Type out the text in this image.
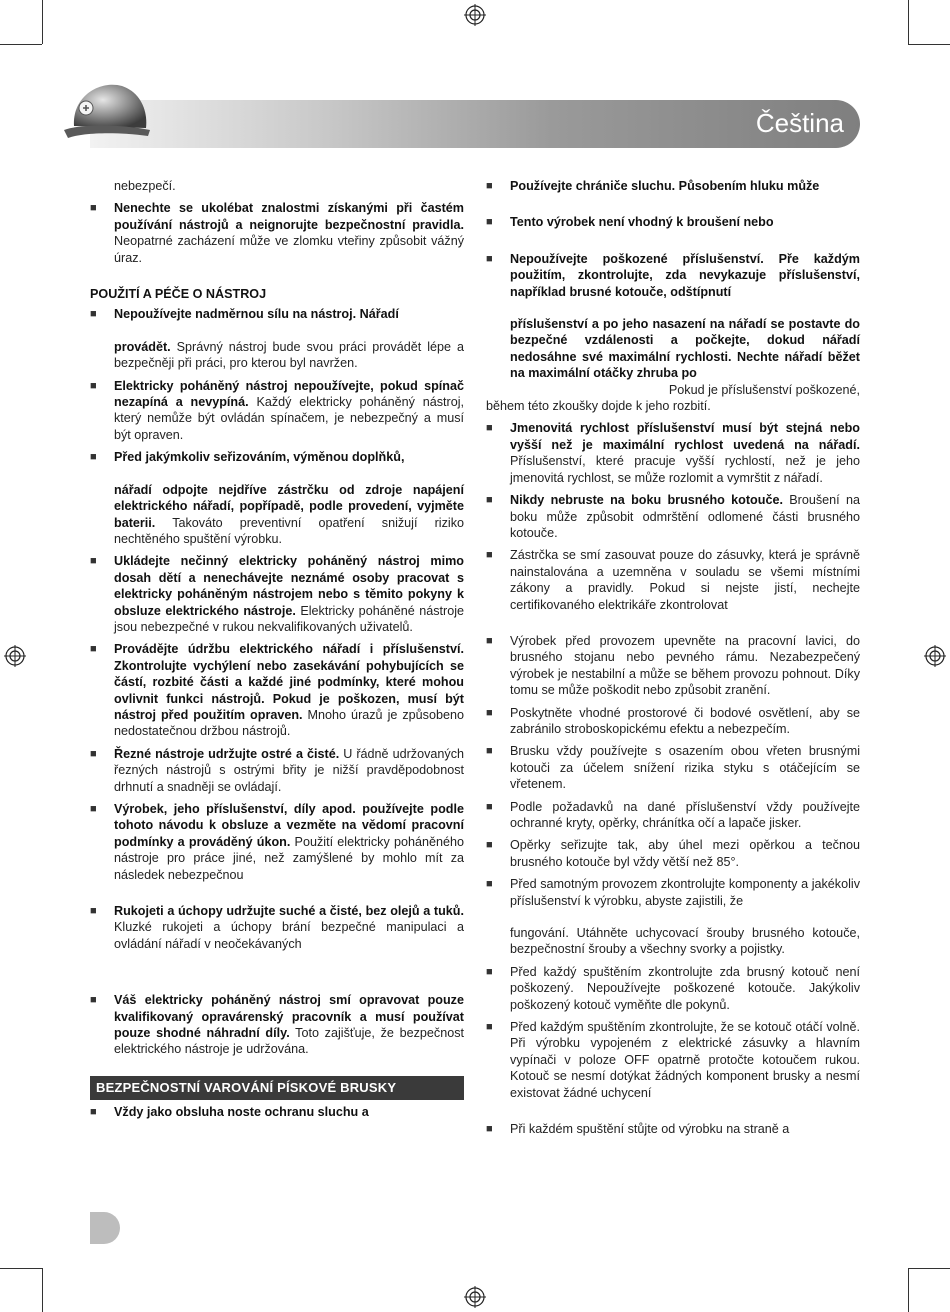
Čeština
nebezpečí.
■ Nenechte se ukolébat znalostmi získanými při častém používání nástrojů a neignorujte bezpečnostní pravidla. Neopatrné zacházení může ve zlomku vteřiny způsobit vážný úraz.
POUŽITÍ A PÉČE O NÁSTROJ
■ Nepoužívejte nadměrnou sílu na nástroj. Nářadí
provádět. Správný nástroj bude svou práci provádět lépe a bezpečněji při práci, pro kterou byl navržen.
■ Elektricky poháněný nástroj nepoužívejte, pokud spínač nezapíná a nevypíná. Každý elektricky poháněný nástroj, který nemůže být ovládán spínačem, je nebezpečný a musí být opraven.
■ Před jakýmkoliv seřizováním, výměnou doplňků,
nářadí odpojte nejdříve zástrčku od zdroje napájení elektrického nářadí, popřípadě, podle provedení, vyjměte baterii. Takováto preventivní opatření snižují riziko nechtěného spuštění výrobku.
■ Ukládejte nečinný elektricky poháněný nástroj mimo dosah dětí a nenechávejte neznámé osoby pracovat s elektricky poháněným nástrojem nebo s těmito pokyny k obsluze elektrického nástroje. Elektricky poháněné nástroje jsou nebezpečné v rukou nekvalifikovaných uživatelů.
■ Provádějte údržbu elektrického nářadí i příslušenství. Zkontrolujte vychýlení nebo zasekávání pohybujících se částí, rozbité části a každé jiné podmínky, které mohou ovlivnit funkci nástrojů. Pokud je poškozen, musí být nástroj před použitím opraven. Mnoho úrazů je způsobeno nedostatečnou držbou nástrojů.
■ Řezné nástroje udržujte ostré a čisté. U řádně udržovaných řezných nástrojů s ostrými břity je nižší pravděpodobnost drhnutí a snadněji se ovládají.
■ Výrobek, jeho příslušenství, díly apod. používejte podle tohoto návodu k obsluze a vezměte na vědomí pracovní podmínky a prováděný úkon. Použití elektricky poháněného nástroje pro práce jiné, než zamýšlené by mohlo mít za následek nebezpečnou
■ Rukojeti a úchopy udržujte suché a čisté, bez olejů a tuků. Kluzké rukojeti a úchopy brání bezpečné manipulaci a ovládání nářadí v neočekávaných
■ Váš elektricky poháněný nástroj smí opravovat pouze kvalifikovaný opravárenský pracovník a musí používat pouze shodné náhradní díly. Toto zajišťuje, že bezpečnost elektrického nástroje je udržována.
BEZPEČNOSTNÍ VAROVÁNÍ PÍSKOVÉ BRUSKY
■ Vždy jako obsluha noste ochranu sluchu a
■ Používejte chrániče sluchu. Působením hluku může
■ Tento výrobek není vhodný k broušení nebo
■ Nepoužívejte poškozené příslušenství. Pře každým použitím, zkontrolujte, zda nevykazuje příslušenství, například brusné kotouče, odštípnutí
příslušenství a po jeho nasazení na nářadí se postavte do bezpečné vzdálenosti a počkejte, dokud nářadí nedosáhne své maximální rychlosti. Nechte nářadí běžet na maximální otáčky zhruba po
Pokud je příslušenství poškozené,
během této zkoušky dojde k jeho rozbití.
■ Jmenovitá rychlost příslušenství musí být stejná nebo vyšší než je maximální rychlost uvedená na nářadí. Příslušenství, které pracuje vyšší rychlostí, než je jeho jmenovitá rychlost, se může rozlomit a vymrštit z nářadí.
■ Nikdy nebruste na boku brusného kotouče. Broušení na boku může způsobit odmrštění odlomené části brusného kotouče.
■ Zástrčka se smí zasouvat pouze do zásuvky, která je správně nainstalována a uzemněna v souladu se všemi místními zákony a pravidly. Pokud si nejste jistí, nechejte certifikovaného elektrikáře zkontrolovat
■ Výrobek před provozem upevněte na pracovní lavici, do brusného stojanu nebo pevného rámu. Nezabezpečený výrobek je nestabilní a může se během provozu pohnout. Díky tomu se může poškodit nebo způsobit zranění.
■ Poskytněte vhodné prostorové či bodové osvětlení, aby se zabránilo stroboskopickému efektu a nebezpečím.
■ Brusku vždy používejte s osazením obou vřeten brusnými kotouči za účelem snížení rizika styku s otáčejícím se vřetenem.
■ Podle požadavků na dané příslušenství vždy používejte ochranné kryty, opěrky, chránítka očí a lapače jisker.
■ Opěrky seřizujte tak, aby úhel mezi opěrkou a tečnou brusného kotouče byl vždy větší než 85°.
■ Před samotným provozem zkontrolujte komponenty a jakékoliv příslušenství k výrobku, abyste zajistili, že
fungování. Utáhněte uchycovací šrouby brusného kotouče, bezpečnostní šrouby a všechny svorky a pojistky.
■ Před každý spuštěním zkontrolujte zda brusný kotouč není poškozený. Nepoužívejte poškozené kotouče. Jakýkoliv poškozený kotouč vyměňte dle pokynů.
■ Před každým spuštěním zkontrolujte, že se kotouč otáčí volně. Při výrobku vypojeném z elektrické zásuvky a hlavním vypínači v poloze OFF opatrně protočte kotoučem rukou. Kotouč se nesmí dotýkat žádných komponent brusky a nesmí existovat žádné uchycení
■ Při každém spuštění stůjte od výrobku na straně a
